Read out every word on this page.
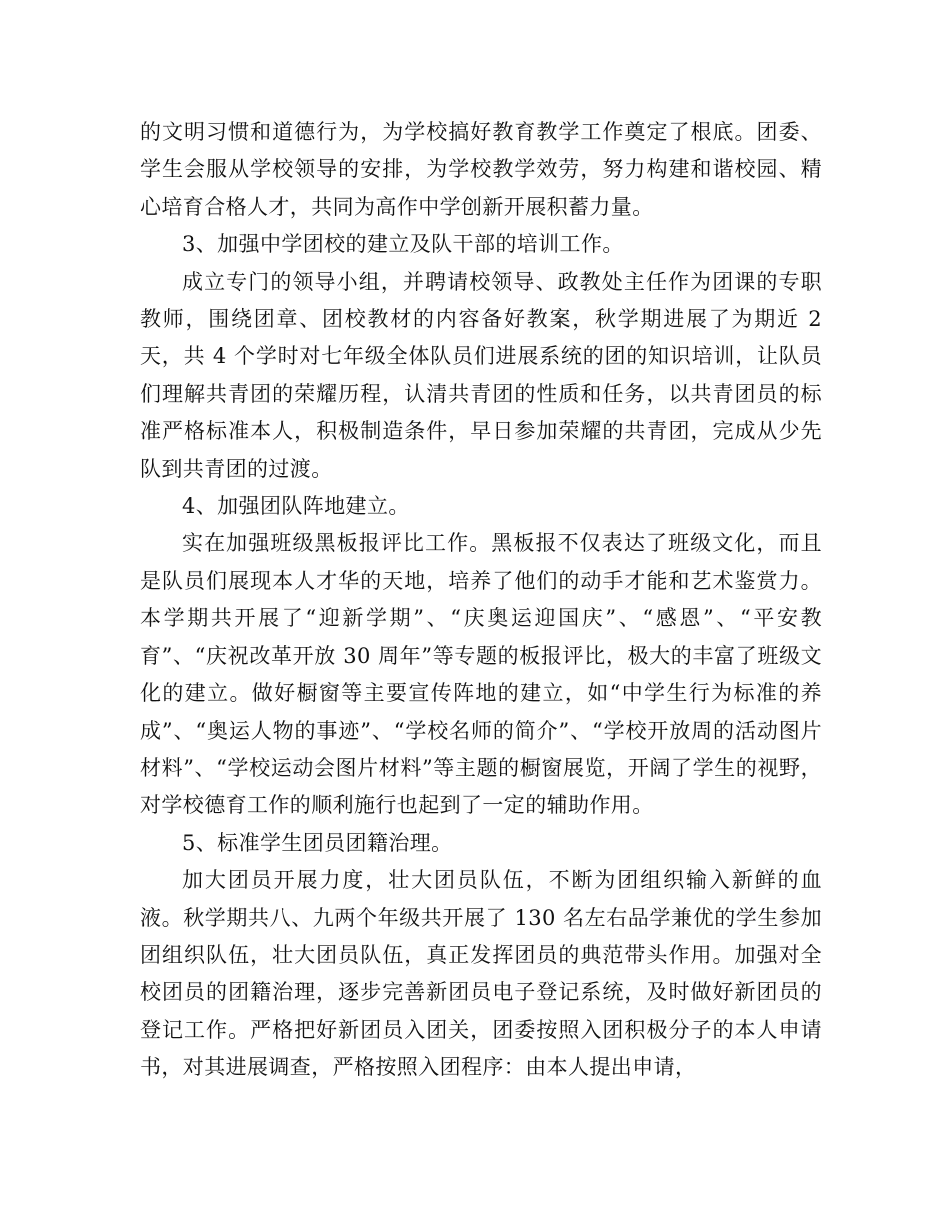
的文明习惯和道德行为，为学校搞好教育教学工作奠定了根底。团委、学生会服从学校领导的安排，为学校教学效劳，努力构建和谐校园、精心培育合格人才，共同为高作中学创新开展积蓄力量。

3、加强中学团校的建立及队干部的培训工作。

成立专门的领导小组，并聘请校领导、政教处主任作为团课的专职教师，围绕团章、团校教材的内容备好教案，秋学期进展了为期近 2 天，共 4 个学时对七年级全体队员们进展系统的团的知识培训，让队员们理解共青团的荣耀历程，认清共青团的性质和任务，以共青团员的标准严格标准本人，积极制造条件，早日参加荣耀的共青团，完成从少先队到共青团的过渡。

4、加强团队阵地建立。

实在加强班级黑板报评比工作。黑板报不仅表达了班级文化，而且是队员们展现本人才华的天地，培养了他们的动手才能和艺术鉴赏力。本学期共开展了“迎新学期”、“庆奥运迎国庆”、“感恩”、“平安教育”、“庆祝改革开放 30 周年”等专题的板报评比，极大的丰富了班级文化的建立。做好橱窗等主要宣传阵地的建立，如“中学生行为标准的养成”、“奥运人物的事迹”、“学校名师的简介”、“学校开放周的活动图片材料”、“学校运动会图片材料”等主题的橱窗展览，开阔了学生的视野，对学校德育工作的顺利施行也起到了一定的辅助作用。

5、标准学生团员团籍治理。

加大团员开展力度，壮大团员队伍，不断为团组织输入新鲜的血液。秋学期共八、九两个年级共开展了 130 名左右品学兼优的学生参加团组织队伍，壮大团员队伍，真正发挥团员的典范带头作用。加强对全校团员的团籍治理，逐步完善新团员电子登记系统，及时做好新团员的登记工作。严格把好新团员入团关，团委按照入团积极分子的本人申请书，对其进展调查，严格按照入团程序：由本人提出申请，
